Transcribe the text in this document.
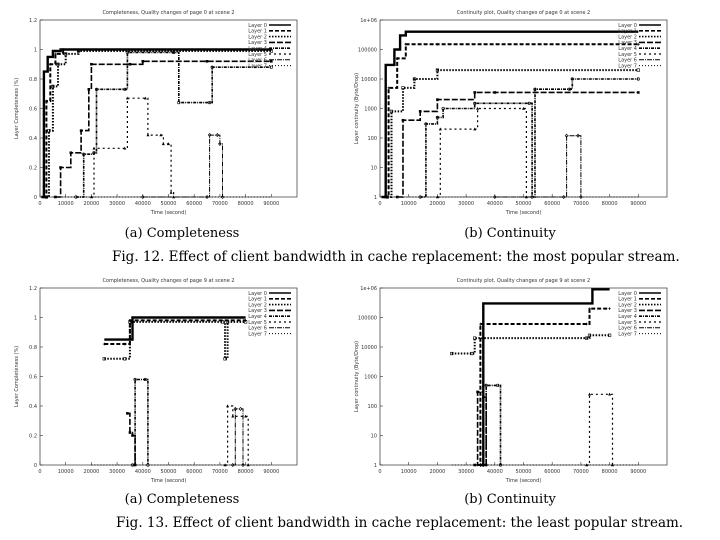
Completeness, Quality changes of page 0 at scene 2
0	10000 20000 30000 40000 50000 60000 70000 80000 90000
0
0.2
0.4
0.6
0.8
1
1.2
Time (second)
Layer Completeness (%)
Layer 0
Layer 1
Layer 2
Layer 3
Layer 4
Layer 5
Layer 6
Layer 7
Continuity plot, Quality changes of page 0 at scene 2
0	10000	20000	30000	40000	50000	60000	70000	80000	90000
1
10
100
1000
10000
100000
1e+06
Time (second)
Layer continuity (Byte/Drop)
Layer 0
Layer 1
Layer 2
Layer 3
Layer 4
Layer 5
Layer 6
Layer 7
Completeness, Quality changes of page 9 at scene 2
0	10000 20000 30000 40000 50000 60000 70000 80000 90000
0
0.2
0.4
0.6
0.8
1
1.2
Time (second)
Layer Completeness (%)
Layer 0
Layer 1
Layer 2
Layer 3
Layer 4
Layer 5
Layer 6
Layer 7
Continuity plot, Quality changes of page 9 at scene 2
0	10000	20000	30000	40000	50000	60000	70000	80000	90000
1
10
100
1000
10000
100000
1e+06
Time (second)
Layer continuity (Byte/Drop)
Layer 0
Layer 1
Layer 2
Layer 3
Layer 4
Layer 5
Layer 6
Layer 7
(a) Completeness	(b) Continuity
Fig. 12. Effect of client bandwidth in cache replacement: the most popular stream.
(a) Completeness	(b) Continuity
Fig. 13. Effect of client bandwidth in cache replacement: the least popular stream.
